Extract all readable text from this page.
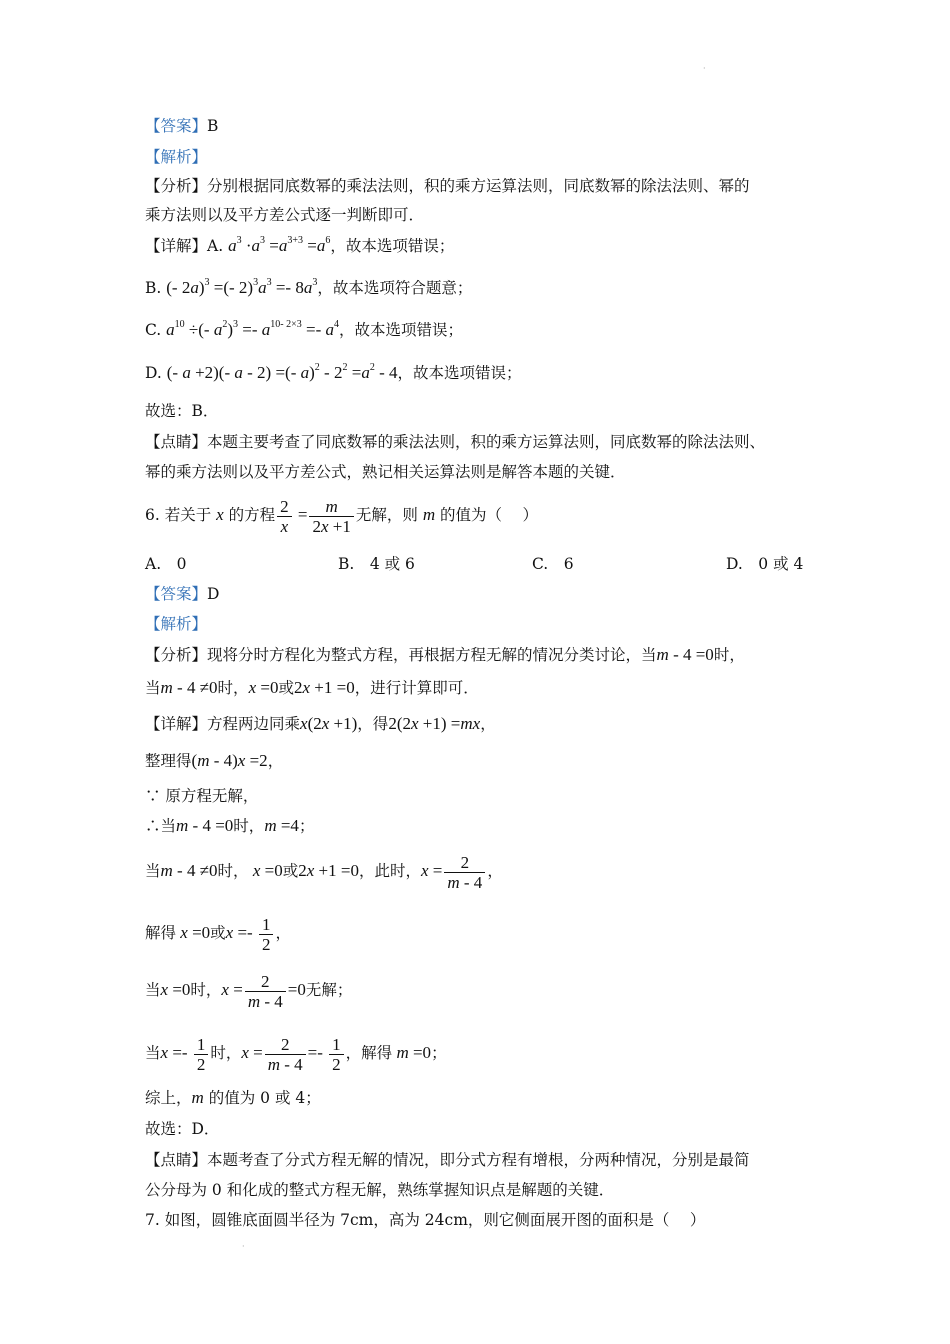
·
·
【答案】B
【解析】
【分析】分别根据同底数幂的乘法法则，积的乘方运算法则，同底数幂的除法法则、幂的
乘方法则以及平方差公式逐一判断即可．
【详解】A. $a^3 \cdot a^3 =a^{3+3} =a^6$，故本选项错误；
B. (- 2a)$^3$ =(- $2)^3a^3 =- 8a^3$，故本选项符合题意；
C. $a^{10}$ ÷(- $a^2)^3 =- a^{10- 2\times 3} =- a^4$，故本选项错误；
D. (- a +2)(- a - 2) =(- $a)^2 - 2^2 =a^2 - 4$，故本选项错误；
故选：B．
【点睛】本题主要考查了同底数幂的乘法法则，积的乘方运算法则，同底数幂的除法法则、
幂的乘方法则以及平方差公式，熟记相关运算法则是解答本题的关键．
6. 若关于 x 的方程 $\frac{2}{x} = \frac{m}{2x +1}$ 无解，则 m 的值为（　 ）
A.　0	B.　4 或 6	C.　6	D.　0 或 4
【答案】D
【解析】
【分析】现将分时方程化为整式方程，再根据方程无解的情况分类讨论，当m - 4 =0时，
当m - 4 ≠0时，x =0或2x +1 =0，进行计算即可．
【详解】方程两边同乘x(2x +1)，得2(2x +1) =mx，
整理得(m - 4)x =2，
∵ 原方程无解，
∴当m - 4 =0时，m =4；
当m - 4 ≠0时， x =0或2x +1 =0，此时，$x = \frac{2}{m - 4}$ ，
解得 x =0或$x =- \frac{1}{2}$ ，
当x =0时，$x = \frac{2}{m - 4} =0$无解；
当$x =- \frac{1}{2}$ 时，$x = \frac{2}{m - 4} =- \frac{1}{2}$ ，解得 m =0；
综上，m 的值为 0 或 4；
故选：D．
【点睛】本题考查了分式方程无解的情况，即分式方程有增根，分两种情况，分别是最简
公分母为 0 和化成的整式方程无解，熟练掌握知识点是解题的关键．
7. 如图，圆锥底面圆半径为 7cm，高为 24cm，则它侧面展开图的面积是（　 ）
